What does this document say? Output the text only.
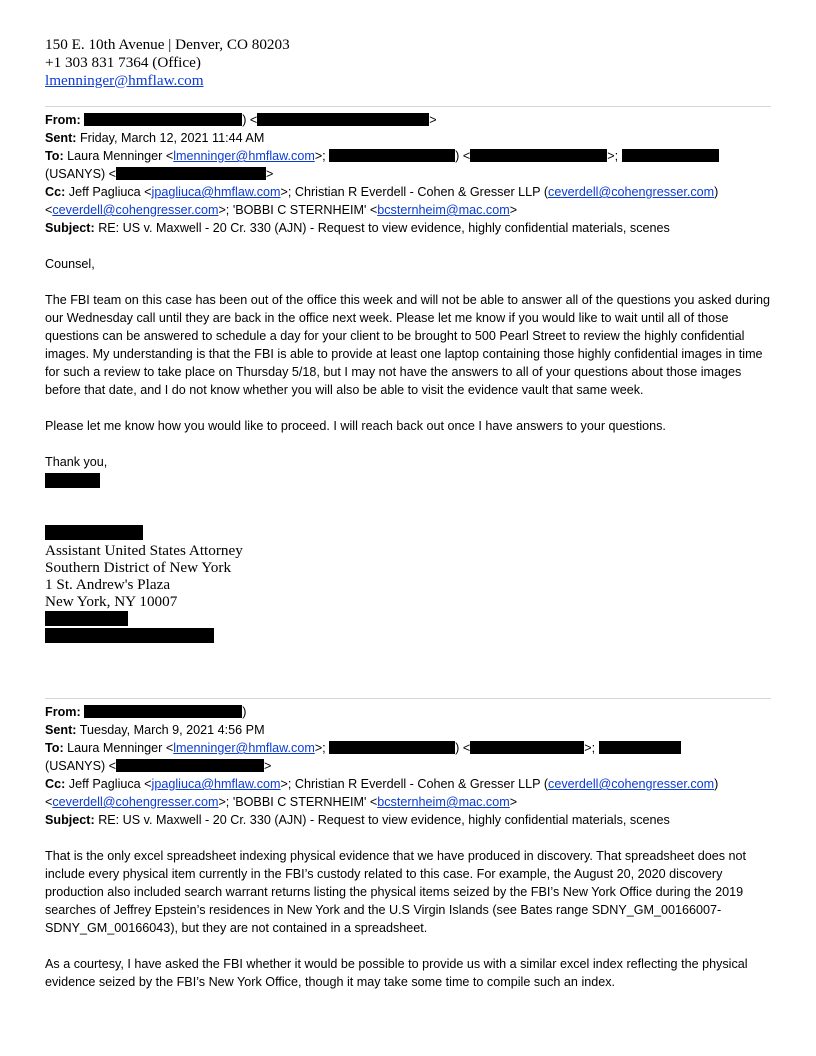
150 E. 10th Avenue | Denver, CO 80203
+1 303 831 7364 (Office)
lmenninger@hmflaw.com
From:	) <	>
Sent: Friday, March 12, 2021 11:44 AM
To: Laura Menninger <lmenninger@hmflaw.com>;	) <	>;
(USANYS) <	>
Cc: Jeff Pagliuca <jpagliuca@hmflaw.com>; Christian R Everdell - Cohen & Gresser LLP (ceverdell@cohengresser.com)
<ceverdell@cohengresser.com>; 'BOBBI C STERNHEIM' <bcsternheim@mac.com>
Subject: RE: US v. Maxwell - 20 Cr. 330 (AJN) - Request to view evidence, highly confidential materials, scenes

Counsel,

The FBI team on this case has been out of the office this week and will not be able to answer all of the questions you asked during our Wednesday call until they are back in the office next week. Please let me know if you would like to wait until all of those questions can be answered to schedule a day for your client to be brought to 500 Pearl Street to review the highly confidential images. My understanding is that the FBI is able to provide at least one laptop containing those highly confidential images in time for such a review to take place on Thursday 5/18, but I may not have the answers to all of your questions about those images before that date, and I do not know whether you will also be able to visit the evidence vault that same week.

Please let me know how you would like to proceed. I will reach back out once I have answers to your questions.

Thank you,

Assistant United States Attorney
Southern District of New York
1 St. Andrew's Plaza
New York, NY 10007
From:	)
Sent: Tuesday, March 9, 2021 4:56 PM
To: Laura Menninger <lmenninger@hmflaw.com>;	) <	>;
(USANYS) <	>
Cc: Jeff Pagliuca <jpagliuca@hmflaw.com>; Christian R Everdell - Cohen & Gresser LLP (ceverdell@cohengresser.com)
<ceverdell@cohengresser.com>; 'BOBBI C STERNHEIM' <bcsternheim@mac.com>
Subject: RE: US v. Maxwell - 20 Cr. 330 (AJN) - Request to view evidence, highly confidential materials, scenes

That is the only excel spreadsheet indexing physical evidence that we have produced in discovery. That spreadsheet does not include every physical item currently in the FBI’s custody related to this case. For example, the August 20, 2020 discovery production also included search warrant returns listing the physical items seized by the FBI’s New York Office during the 2019 searches of Jeffrey Epstein’s residences in New York and the U.S Virgin Islands (see Bates range SDNY_GM_00166007-SDNY_GM_00166043), but they are not contained in a spreadsheet.

As a courtesy, I have asked the FBI whether it would be possible to provide us with a similar excel index reflecting the physical evidence seized by the FBI’s New York Office, though it may take some time to compile such an index.
